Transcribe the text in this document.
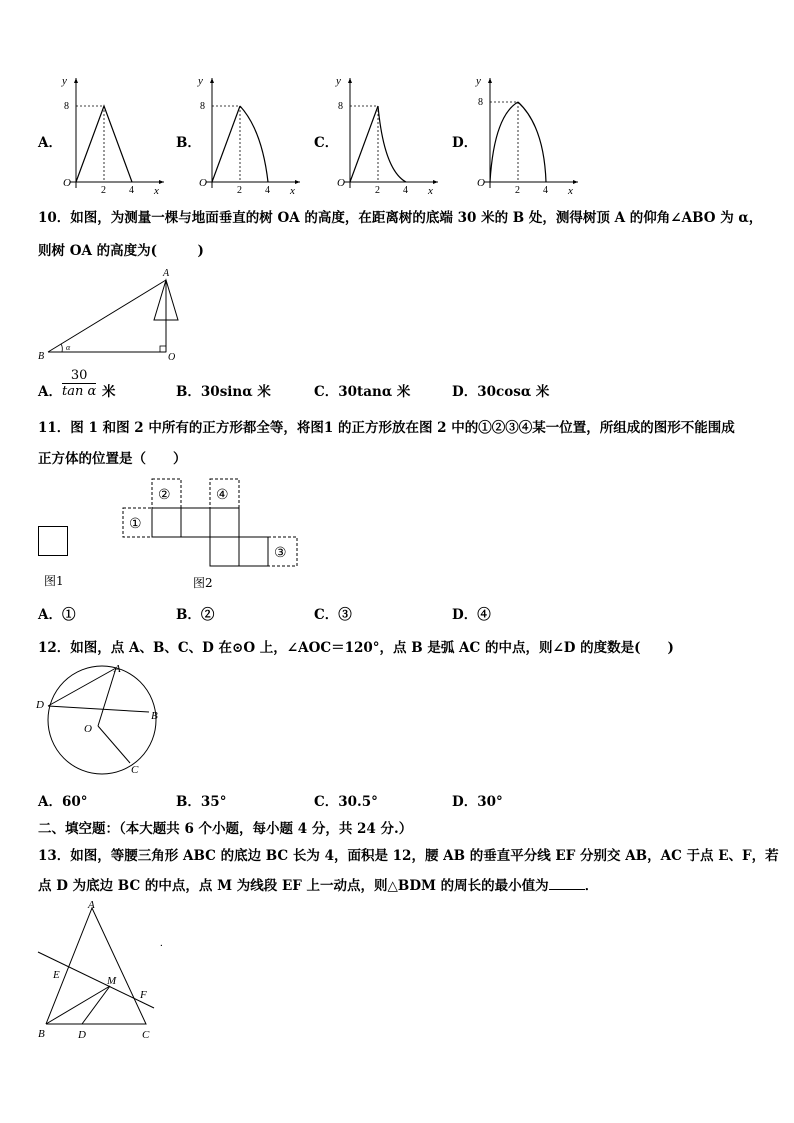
A．
y
8
O
2 4 x
B．
y
8
O
2 4 x
C．
y
8
O
2 4 x
D．
y
8
O
2 4 x
10．如图，为测量一棵与地面垂直的树 OA 的高度，在距离树的底端 30 米的 B 处，测得树顶 A 的仰角∠ABO 为 α，
则树 OA 的高度为(　　　)
A
B	O
α
A． $\frac{30}{\text{tan α}}$ 米	B．30sinα 米	C．30tanα 米	D．30cosα 米
11．图 1 和图 2 中所有的正方形都全等，将图1 的正方形放在图 2 中的①②③④某一位置，所组成的图形不能围成
正方体的位置是（　　）
图1
①
②	④
③
图2
A．①	B．②	C．③	D．④
12．如图，点 A、B、C、D 在⊙O 上，∠AOC＝120°，点 B 是弧 AC 的中点，则∠D 的度数是(　　)
A
B
C
D
O
A．60°	B．35°	C．30.5°	D．30°
二、填空题：（本大题共 6 个小题，每小题 4 分，共 24 分.）
13．如图，等腰三角形 ABC 的底边 BC 长为 4，面积是 12，腰 AB 的垂直平分线 EF 分别交 AB，AC 于点 E、F，若
点 D 为底边 BC 的中点，点 M 为线段 EF 上一动点，则△BDM 的周长的最小值为	．
A
B	C
D
E
F
M
.
